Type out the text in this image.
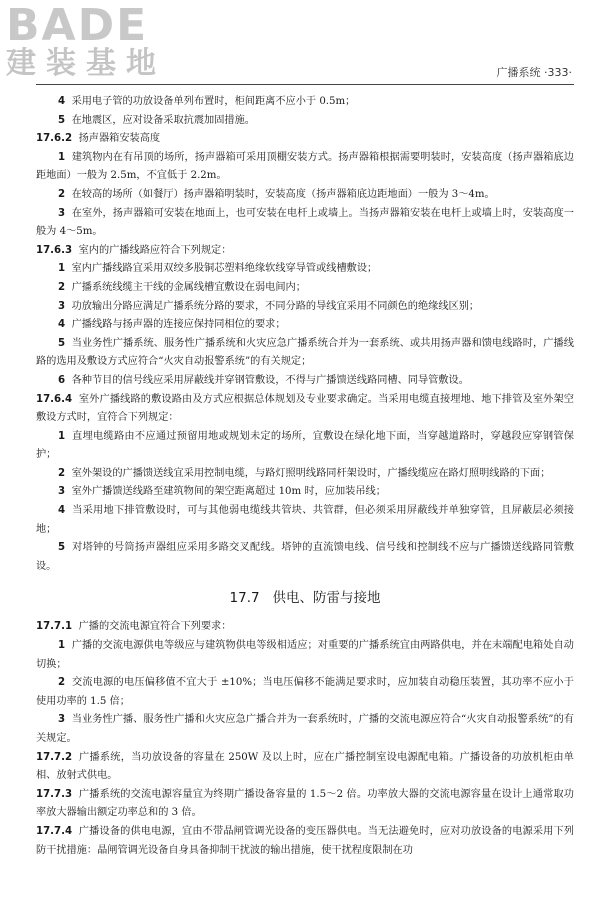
BADE
建装基地	广播系统 ·333·

4 采用电子管的功放设备单列布置时，柜间距离不应小于 0.5m；

5 在地震区，应对设备采取抗震加固措施。

17.6.2 扬声器箱安装高度

1 建筑物内在有吊顶的场所，扬声器箱可采用顶棚安装方式。扬声器箱根据需要明装时，安装高度（扬声器箱底边距地面）一般为 2.5m，不宜低于 2.2m。

2 在较高的场所（如餐厅）扬声器箱明装时，安装高度（扬声器箱底边距地面）一般为 3～4m。

3 在室外，扬声器箱可安装在地面上，也可安装在电杆上或墙上。当扬声器箱安装在电杆上或墙上时，安装高度一般为 4～5m。

17.6.3 室内的广播线路应符合下列规定：

1 室内广播线路宜采用双绞多股铜芯塑料绝缘软线穿导管或线槽敷设；

2 广播系统线缆主干线的金属线槽宜敷设在弱电间内；

3 功放输出分路应满足广播系统分路的要求，不同分路的导线宜采用不同颜色的绝缘线区别；

4 广播线路与扬声器的连接应保持同相位的要求；

5 当业务性广播系统、服务性广播系统和火灾应急广播系统合并为一套系统、或共用扬声器和馈电线路时，广播线路的选用及敷设方式应符合“火灾自动报警系统”的有关规定；

6 各种节目的信号线应采用屏蔽线并穿钢管敷设，不得与广播馈送线路同槽、同导管敷设。

17.6.4 室外广播线路的敷设路由及方式应根据总体规划及专业要求确定。当采用电缆直接埋地、地下排管及室外架空敷设方式时，宜符合下列规定：

1 直埋电缆路由不应通过预留用地或规划未定的场所，宜敷设在绿化地下面，当穿越道路时，穿越段应穿钢管保护；

2 室外架设的广播馈送线宜采用控制电缆，与路灯照明线路同杆架设时，广播线缆应在路灯照明线路的下面；

3 室外广播馈送线路至建筑物间的架空距离超过 10m 时，应加装吊线；

4 当采用地下排管敷设时，可与其他弱电缆线共管块、共管群，但必须采用屏蔽线并单独穿管，且屏蔽层必须接地；

5 对塔钟的号筒扬声器组应采用多路交叉配线。塔钟的直流馈电线、信号线和控制线不应与广播馈送线路同管敷设。

17.7 供电、防雷与接地

17.7.1 广播的交流电源宜符合下列要求：

1 广播的交流电源供电等级应与建筑物供电等级相适应；对重要的广播系统宜由两路供电，并在末端配电箱处自动切换；

2 交流电源的电压偏移值不宜大于 ±10%；当电压偏移不能满足要求时，应加装自动稳压装置，其功率不应小于使用功率的 1.5 倍；

3 当业务性广播、服务性广播和火灾应急广播合并为一套系统时，广播的交流电源应符合“火灾自动报警系统”的有关规定。

17.7.2 广播系统，当功放设备的容量在 250W 及以上时，应在广播控制室设电源配电箱。广播设备的功放机柜由单相、放射式供电。

17.7.3 广播系统的交流电源容量宜为终期广播设备容量的 1.5～2 倍。功率放大器的交流电源容量在设计上通常取功率放大器输出额定功率总和的 3 倍。

17.7.4 广播设备的供电电源，宜由不带晶闸管调光设备的变压器供电。当无法避免时，应对功放设备的电源采用下列防干扰措施：晶闸管调光设备自身具备抑制干扰波的输出措施，使干扰程度限制在功
